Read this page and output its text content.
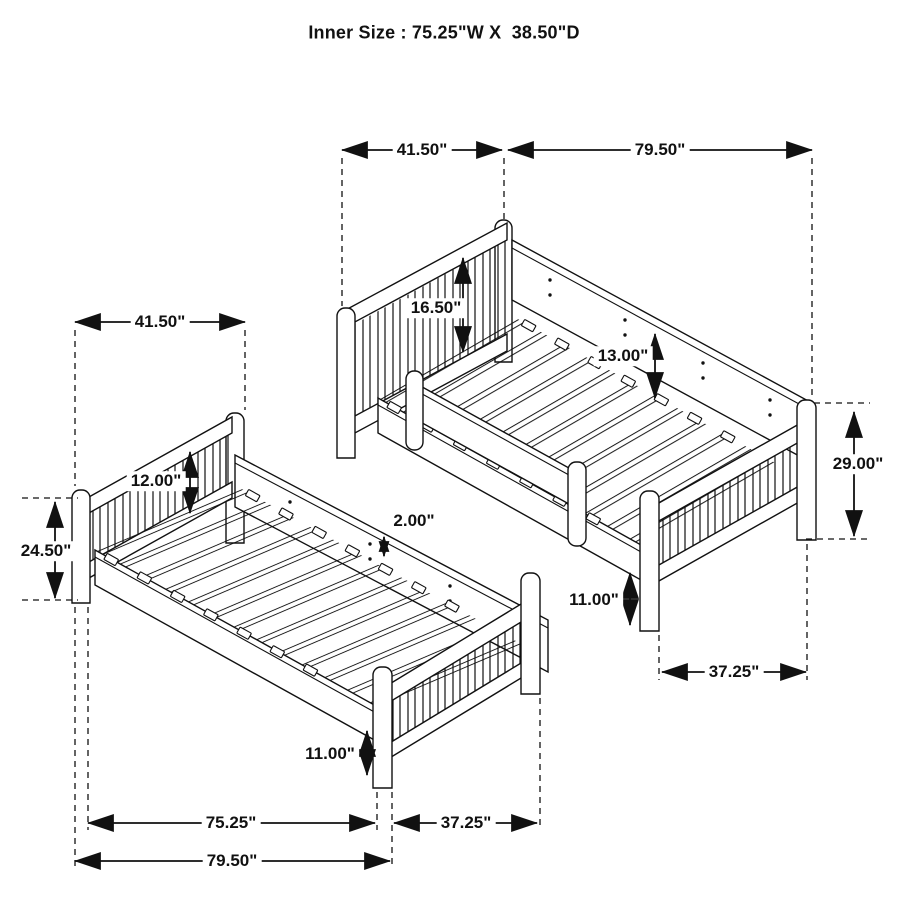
Inner Size : 75.25"W X  38.50"D
41.50"	79.50"
41.50"
16.50"
13.00"
29.00"
11.00"
37.25"
12.00"
24.50"
2.00"
11.00"
75.25"	37.25"
79.50"
